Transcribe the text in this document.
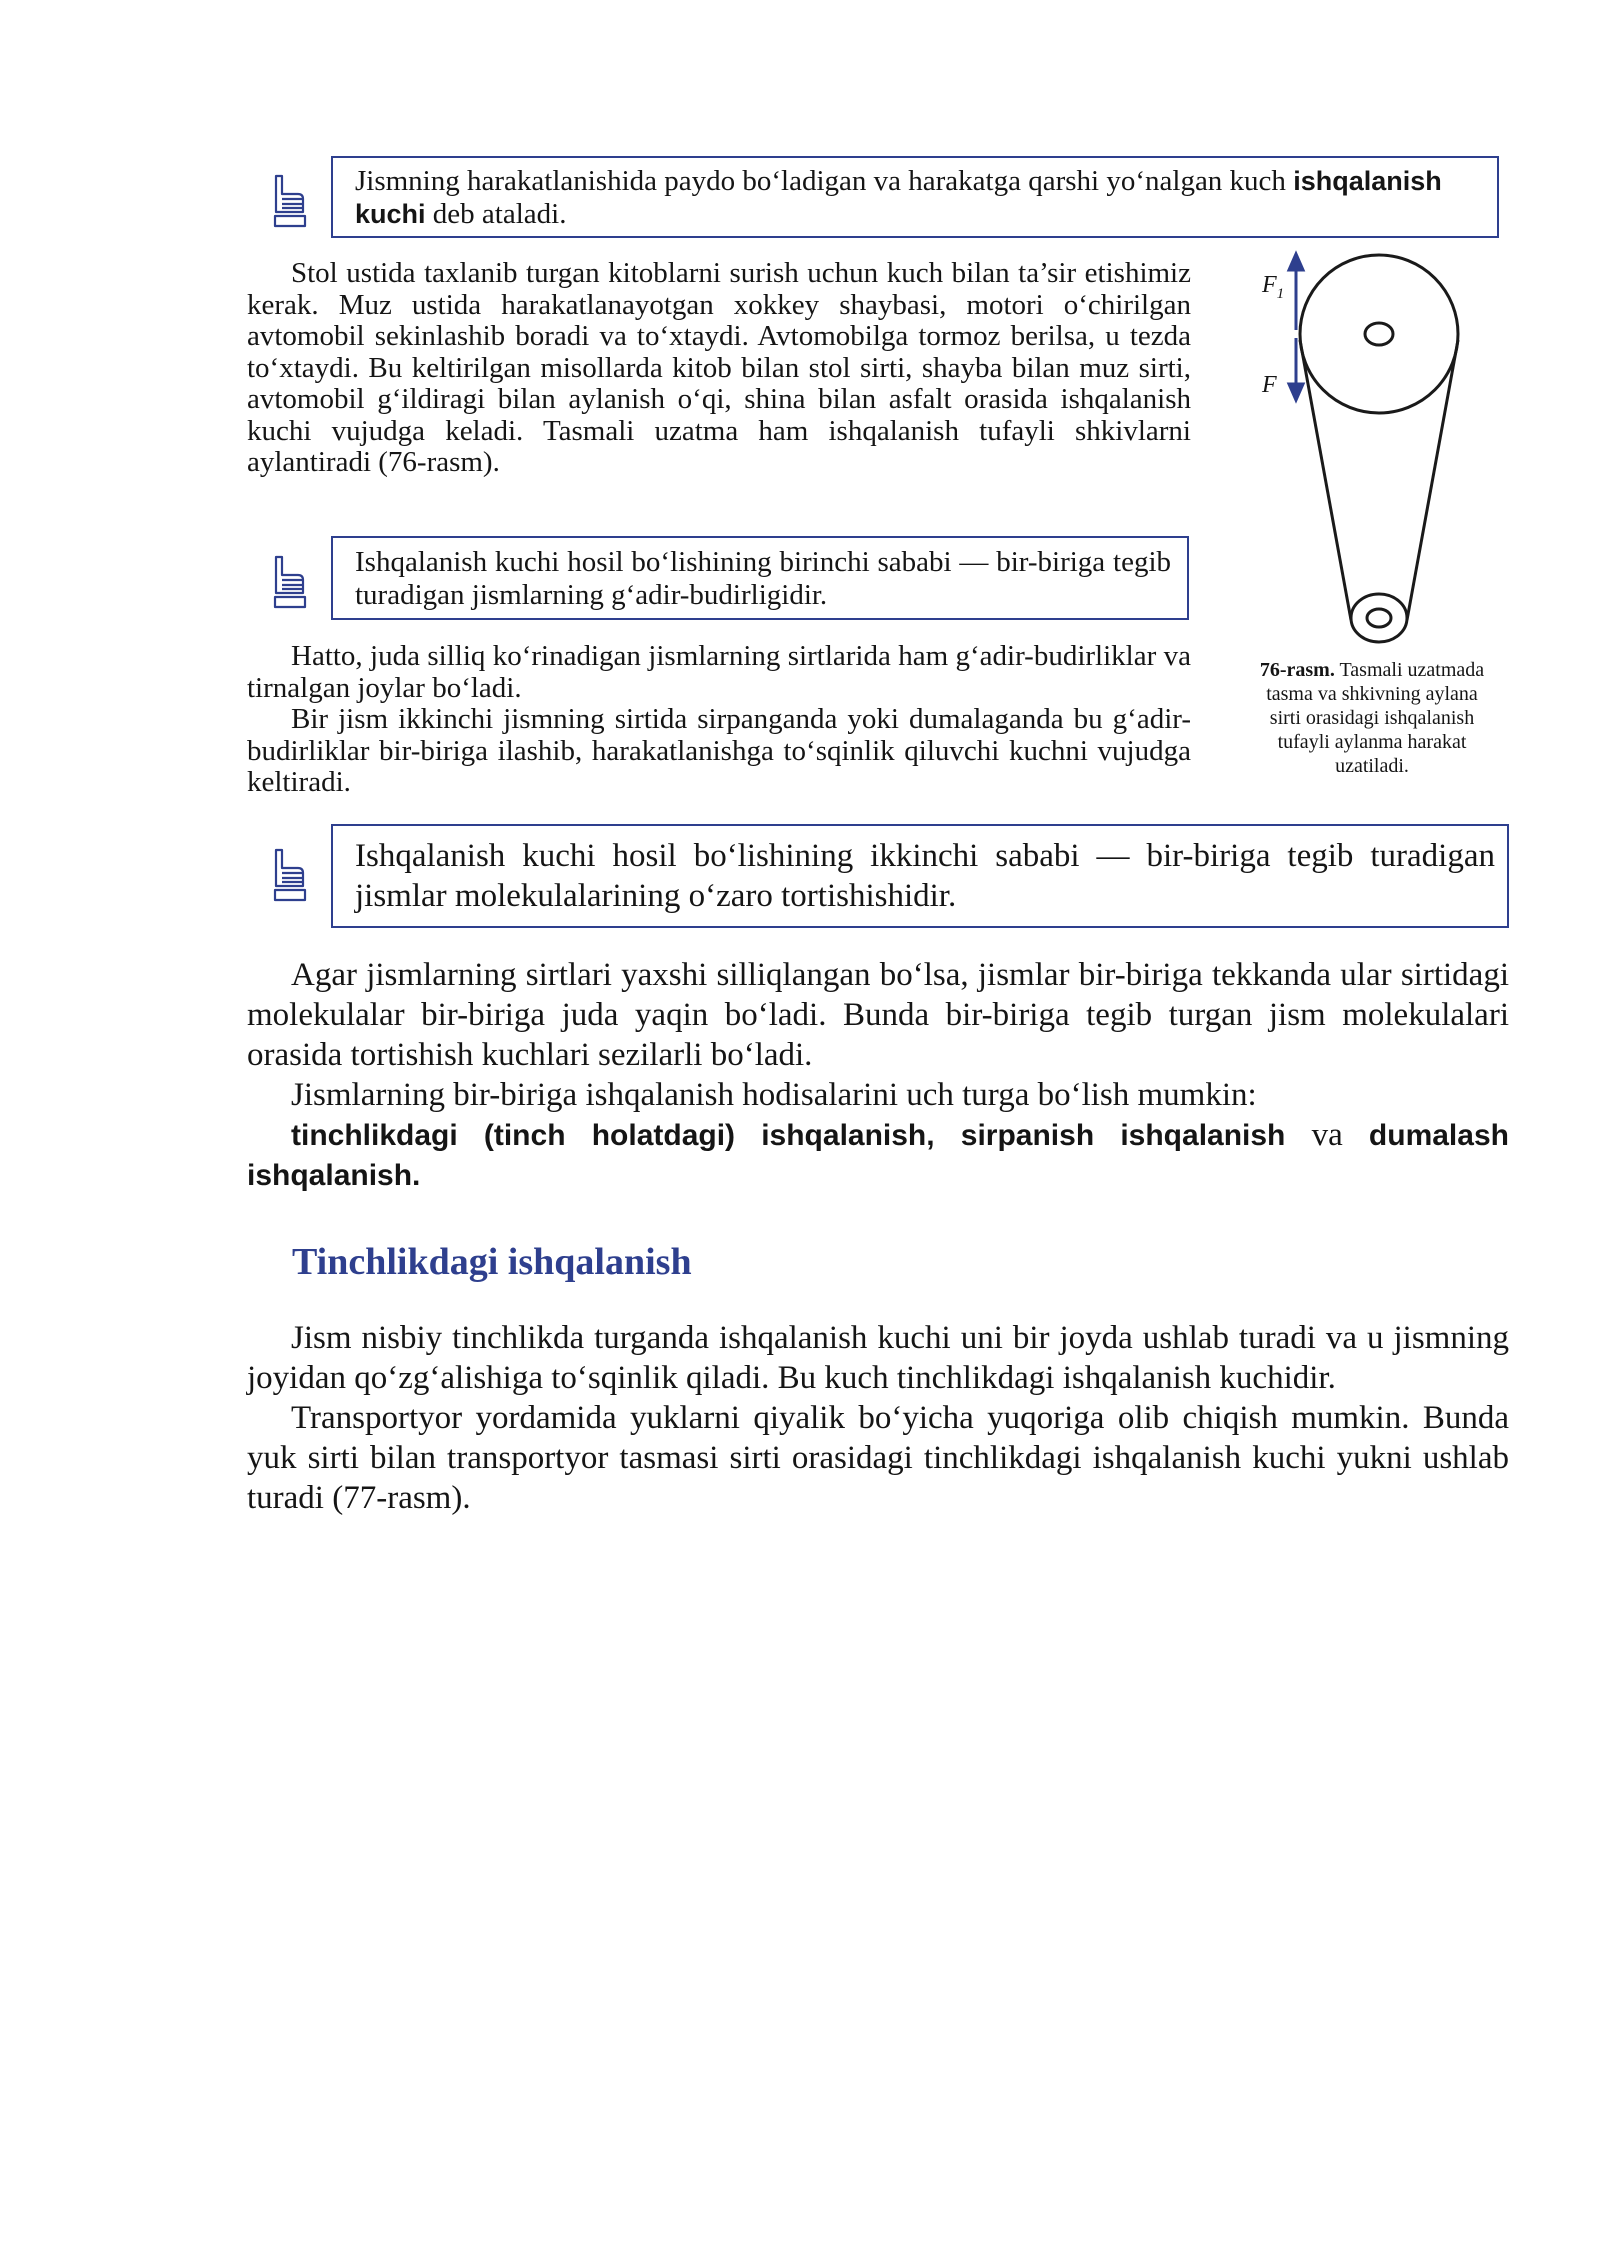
Jismning harakatlanishida paydo bo‘ladigan va harakatga qarshi yo‘nalgan kuch ishqalanish kuchi deb ataladi.

Stol ustida taxlanib turgan kitoblarni surish uchun kuch bilan ta’sir etishimiz kerak. Muz ustida harakatlanayotgan xokkey shaybasi, motori o‘chirilgan avtomobil sekinlashib boradi va to‘xtaydi. Avtomobilga tormoz berilsa, u tezda to‘xtaydi. Bu keltirilgan misollarda kitob bilan stol sirti, shayba bilan muz sirti, avtomobil g‘ildiragi bilan aylanish o‘qi, shina bilan asfalt orasida ishqalanish kuchi vujudga keladi. Tasmali uzatma ham ishqalanish tufayli shkivlarni aylantiradi (76-rasm).

Ishqalanish kuchi hosil bo‘lishining birinchi sababi — bir-biriga tegib turadigan jismlarning g‘adir-budirligidir.

Hatto, juda silliq ko‘rinadigan jismlarning sirtlarida ham g‘adir-budirliklar va tirnalgan joylar bo‘ladi.

Bir jism ikkinchi jismning sirtida sirpanganda yoki dumalaganda bu g‘adir-budirliklar bir-biriga ilashib, harakatlanishga to‘sqinlik qiluvchi kuchni vujudga keltiradi.

$F_1$
F
76-rasm. Tasmali uzatmada tasma va shkivning aylana sirti orasidagi ishqalanish tufayli aylanma harakat uzatiladi.
Ishqalanish kuchi hosil bo‘lishining ikkinchi sababi — bir-biriga tegib turadigan jismlar molekulalarining o‘zaro tortishishidir.

Agar jismlarning sirtlari yaxshi silliqlangan bo‘lsa, jismlar bir-biriga tekkanda ular sirtidagi molekulalar bir-biriga juda yaqin bo‘ladi. Bunda bir-biriga tegib turgan jism molekulalari orasida tortishish kuchlari sezilarli bo‘ladi.

Jismlarning bir-biriga ishqalanish hodisalarini uch turga bo‘lish mumkin:

tinchlikdagi (tinch holatdagi) ishqalanish, sirpanish ishqalanish va dumalash ishqalanish.

Tinchlikdagi ishqalanish

Jism nisbiy tinchlikda turganda ishqalanish kuchi uni bir joyda ushlab turadi va u jismning joyidan qo‘zg‘alishiga to‘sqinlik qiladi. Bu kuch tinchlikdagi ishqalanish kuchidir.

Transportyor yordamida yuklarni qiyalik bo‘yicha yuqoriga olib chiqish mumkin. Bunda yuk sirti bilan transportyor tasmasi sirti orasidagi tinchlikdagi ishqalanish kuchi yukni ushlab turadi (77-rasm).
